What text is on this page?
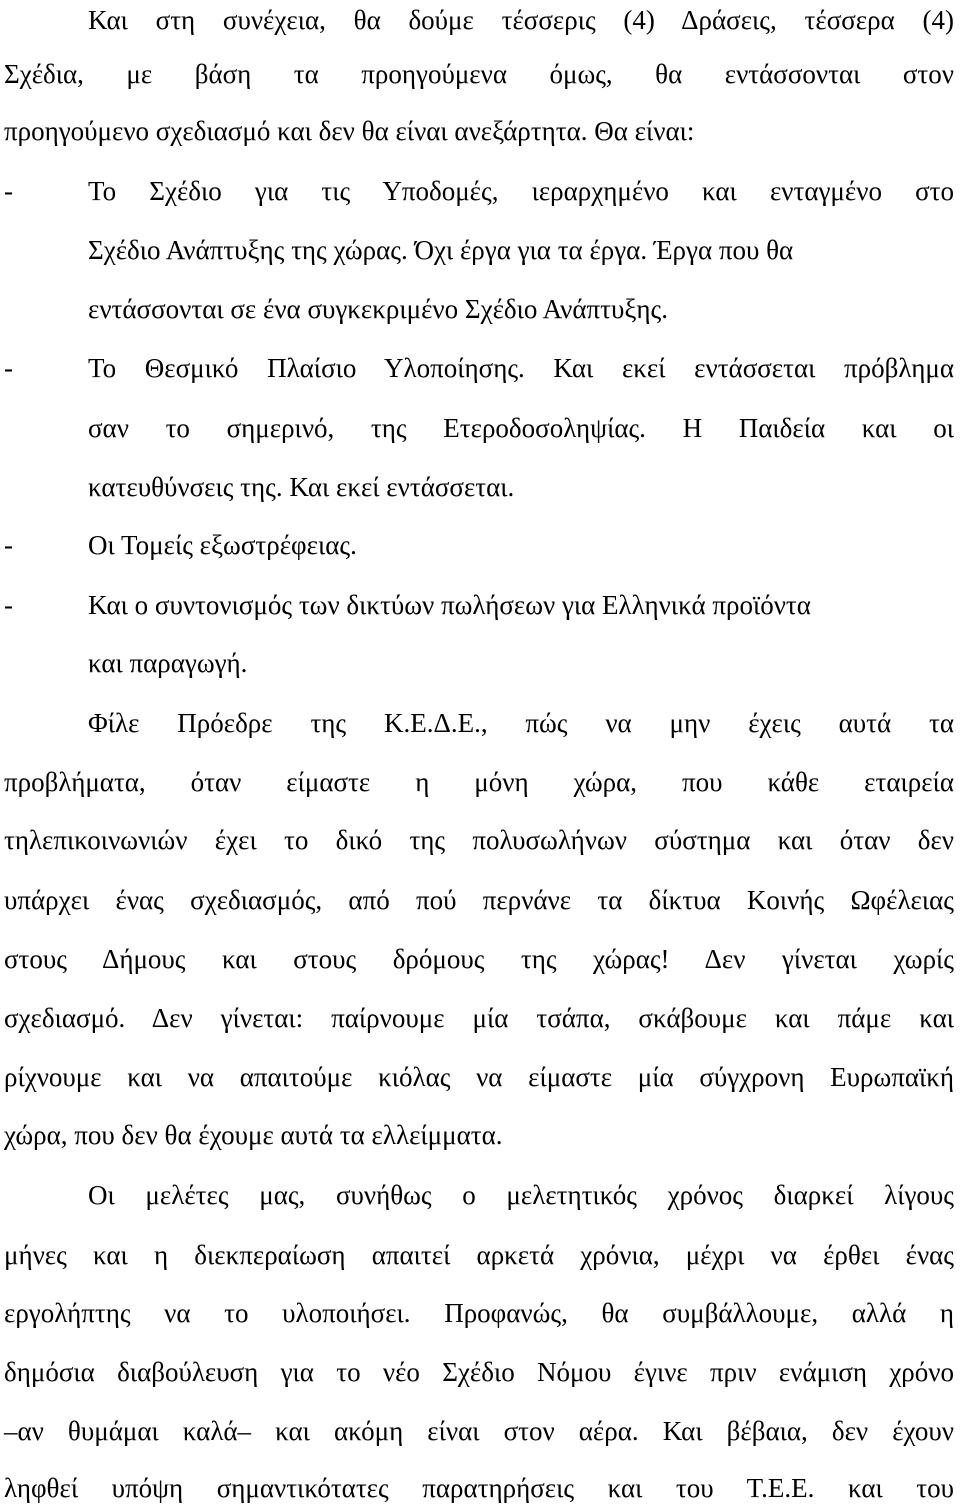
Και στη συνέχεια, θα δούμε τέσσερις (4) Δράσεις, τέσσερα (4)
Σχέδια, με βάση τα προηγούμενα όμως, θα εντάσσονται στον
προηγούμενο σχεδιασμό και δεν θα είναι ανεξάρτητα. Θα είναι:
-	Το Σχέδιο για τις Υποδομές, ιεραρχημένο και ενταγμένο στο
Σχέδιο Ανάπτυξης της χώρας. Όχι έργα για τα έργα. Έργα που θα
εντάσσονται σε ένα συγκεκριμένο Σχέδιο Ανάπτυξης.
-	Το Θεσμικό Πλαίσιο Υλοποίησης. Και εκεί εντάσσεται πρόβλημα
σαν το σημερινό, της Ετεροδοσοληψίας. Η Παιδεία και οι
κατευθύνσεις της. Και εκεί εντάσσεται.
-	Οι Τομείς εξωστρέφειας.
-	Και ο συντονισμός των δικτύων πωλήσεων για Ελληνικά προϊόντα
και παραγωγή.
Φίλε Πρόεδρε της Κ.Ε.Δ.Ε., πώς να μην έχεις αυτά τα
προβλήματα, όταν είμαστε η μόνη χώρα, που κάθε εταιρεία
τηλεπικοινωνιών έχει το δικό της πολυσωλήνων σύστημα και όταν δεν
υπάρχει ένας σχεδιασμός, από πού περνάνε τα δίκτυα Κοινής Ωφέλειας
στους Δήμους και στους δρόμους της χώρας! Δεν γίνεται χωρίς
σχεδιασμό. Δεν γίνεται: παίρνουμε μία τσάπα, σκάβουμε και πάμε και
ρίχνουμε και να απαιτούμε κιόλας να είμαστε μία σύγχρονη Ευρωπαϊκή
χώρα, που δεν θα έχουμε αυτά τα ελλείμματα.
Οι μελέτες μας, συνήθως ο μελετητικός χρόνος διαρκεί λίγους
μήνες και η διεκπεραίωση απαιτεί αρκετά χρόνια, μέχρι να έρθει ένας
εργολήπτης να το υλοποιήσει. Προφανώς, θα συμβάλλουμε, αλλά η
δημόσια διαβούλευση για το νέο Σχέδιο Νόμου έγινε πριν ενάμιση χρόνο
–αν θυμάμαι καλά– και ακόμη είναι στον αέρα. Και βέβαια, δεν έχουν
ληφθεί υπόψη σημαντικότατες παρατηρήσεις και του Τ.Ε.Ε. και του
